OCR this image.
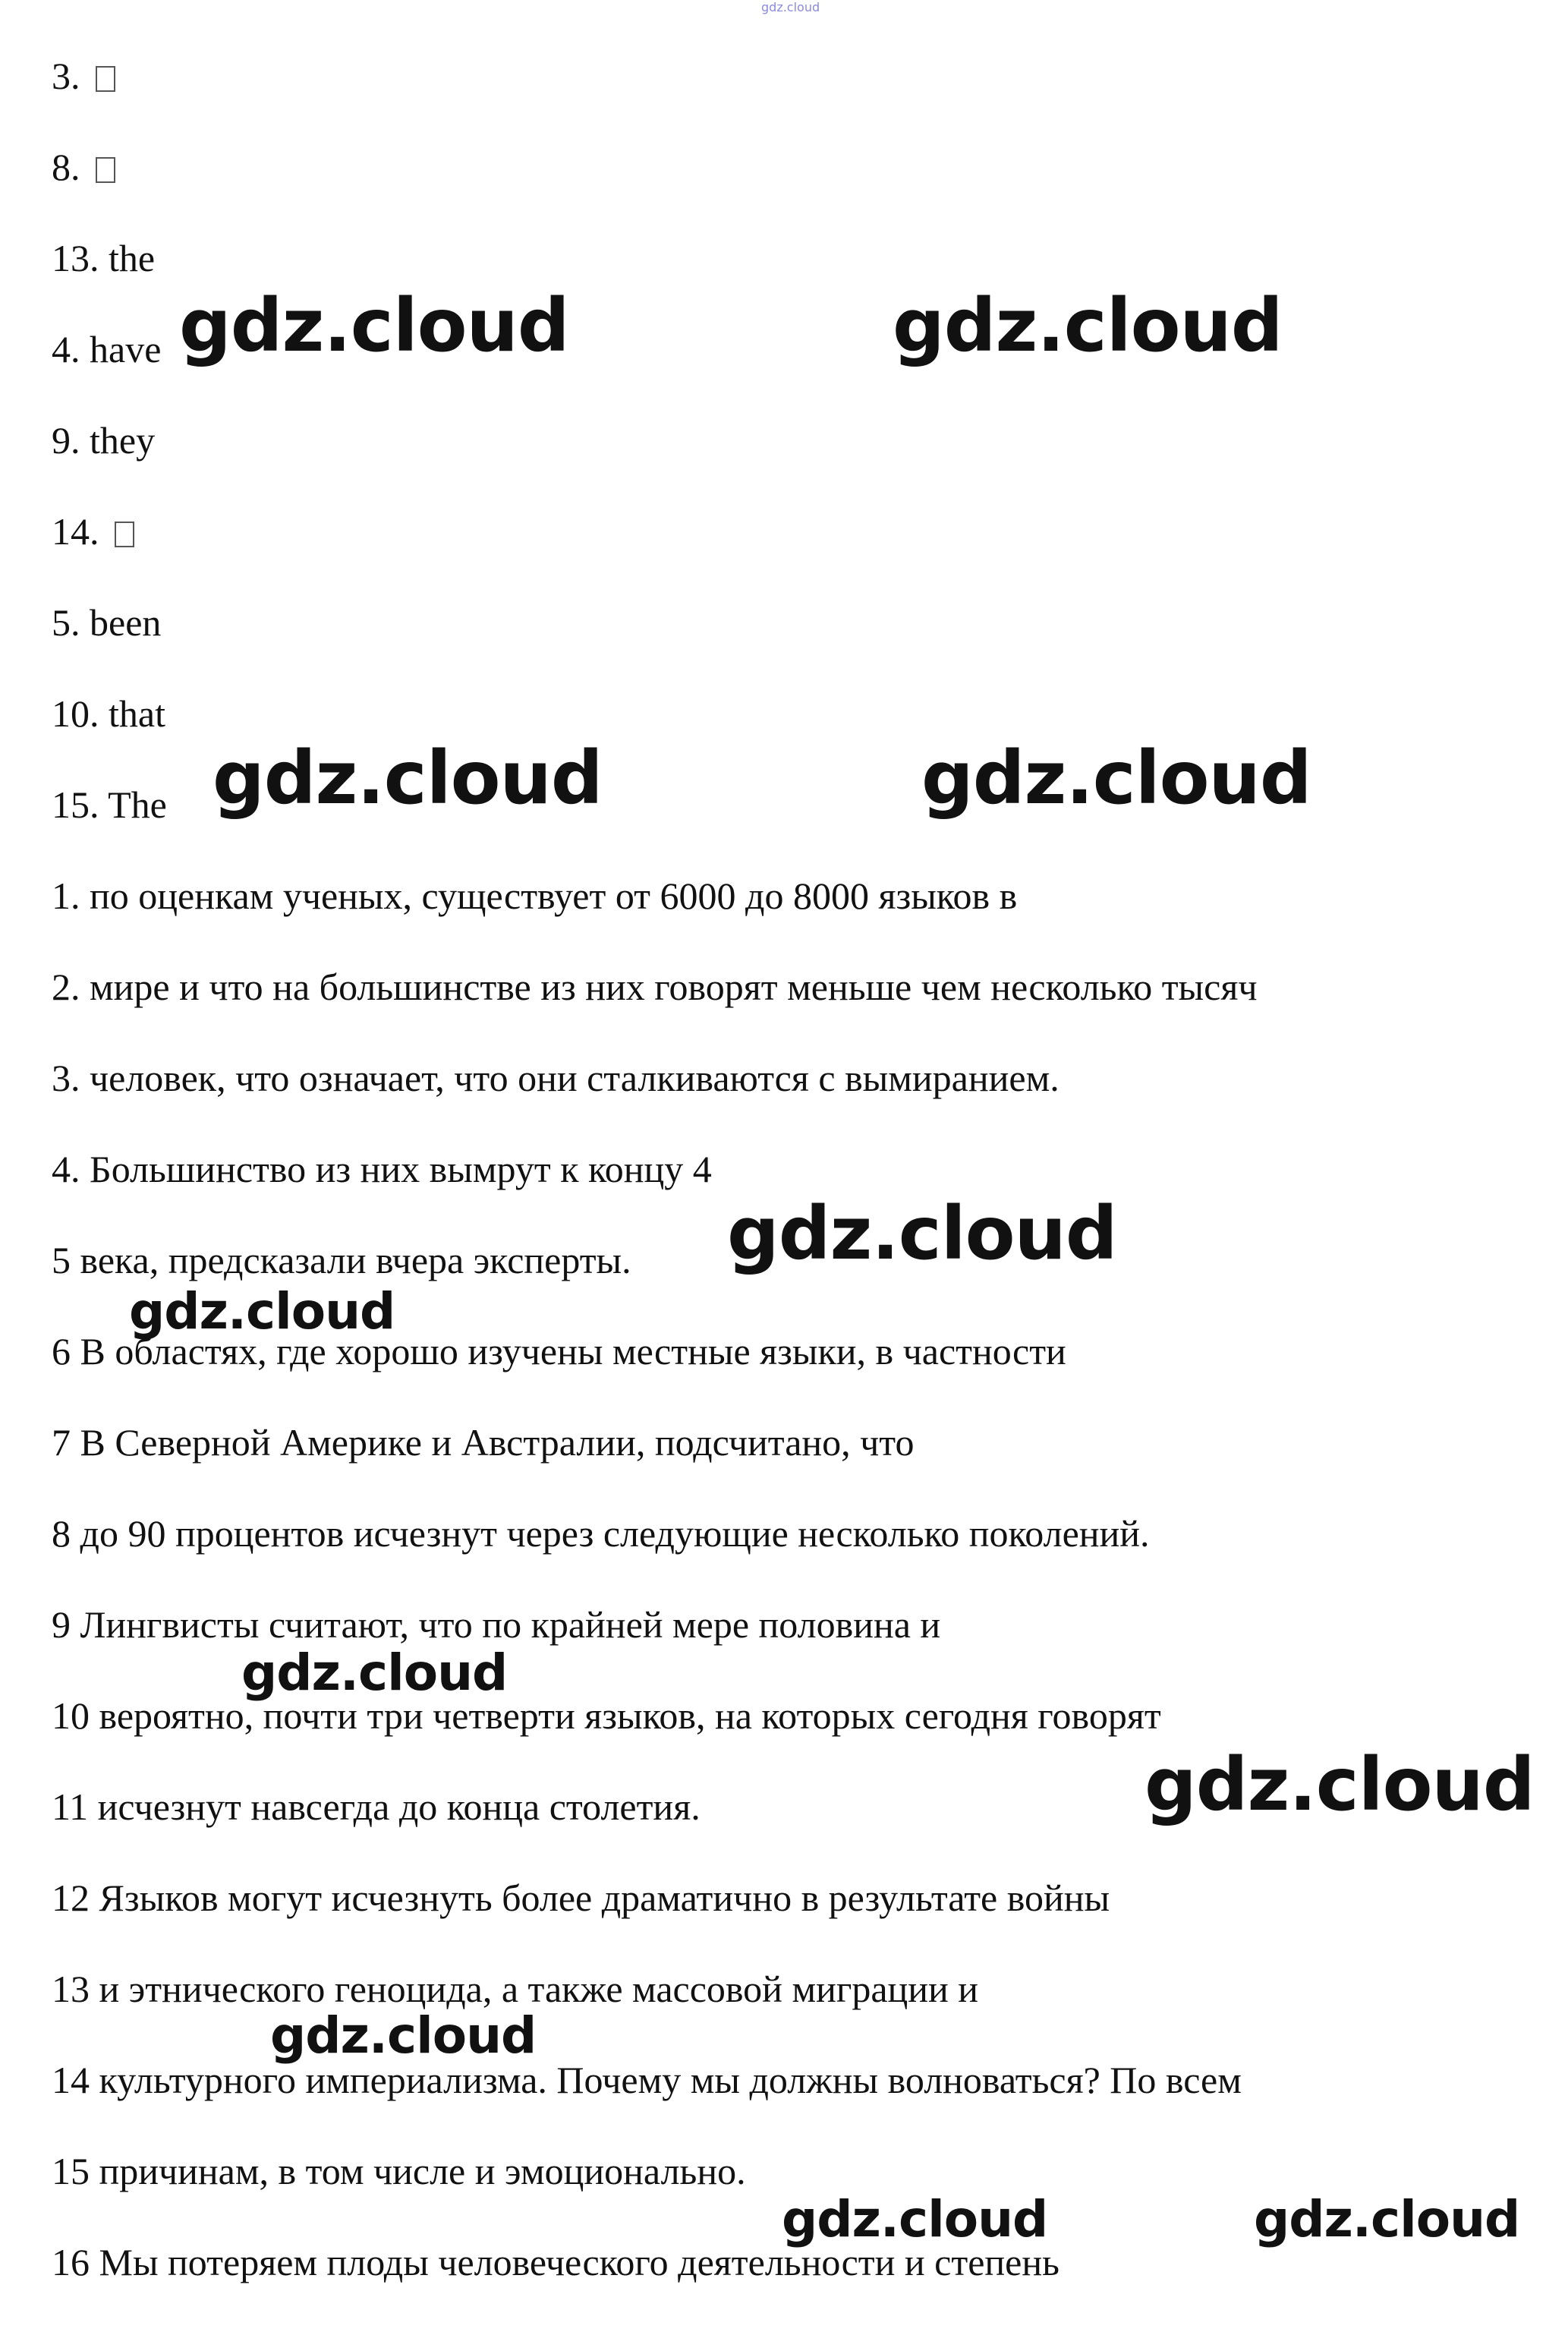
gdz.cloud
3.
8.
13. the
4. have
9. they
14.
5. been
10. that
15. The
1. по оценкам ученых, существует от 6000 до 8000 языков в
2. мире и что на большинстве из них говорят меньше чем несколько тысяч
3. человек, что означает, что они сталкиваются с вымиранием.
4. Большинство из них вымрут к концу 4
5 века, предсказали вчера эксперты.
6 В областях, где хорошо изучены местные языки, в частности
7 В Северной Америке и Австралии, подсчитано, что
8 до 90 процентов исчезнут через следующие несколько поколений.
9 Лингвисты считают, что по крайней мере половина и
10 вероятно, почти три четверти языков, на которых сегодня говорят
11 исчезнут навсегда до конца столетия.
12 Языков могут исчезнуть более драматично в результате войны
13 и этнического геноцида, а также массовой миграции и
14 культурного империализма. Почему мы должны волноваться? По всем
15 причинам, в том числе и эмоционально.
16 Мы потеряем плоды человеческого деятельности и степень
gdz.cloud	gdz.cloud
gdz.cloud	gdz.cloud
gdz.cloud
gdz.cloud
gdz.cloud
gdz.cloud
gdz.cloud
gdz.cloud	gdz.cloud
